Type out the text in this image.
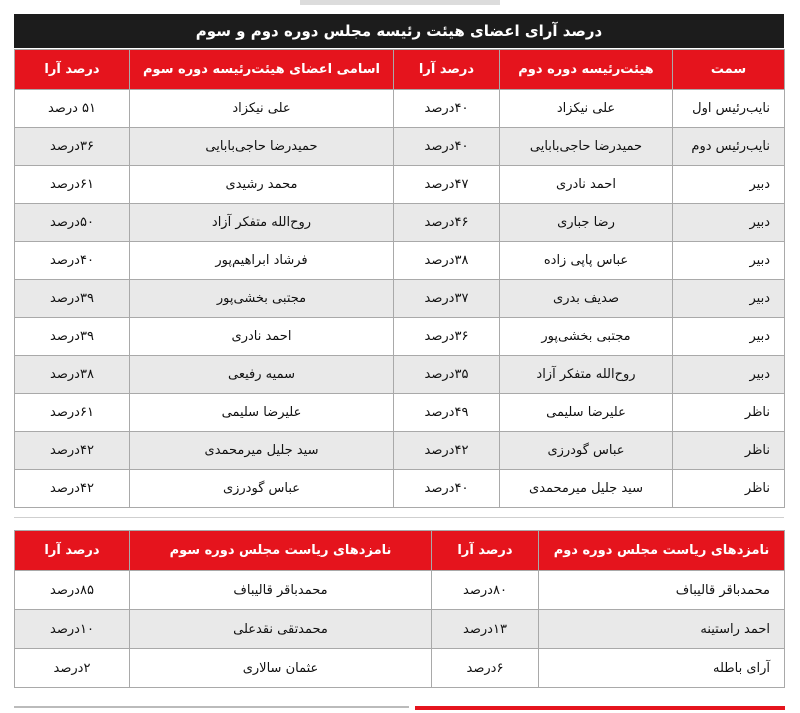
درصد آرای اعضای هیئت رئیسه مجلس دوره دوم و سوم
سمت	هیئت‌رئیسه دوره دوم	درصد آرا	اسامی اعضای هیئت‌رئیسه دوره سوم	درصد آرا
نایب‌رئیس اول	علی نیکزاد	۴۰درصد	علی نیکزاد	۵۱ درصد
نایب‌رئیس دوم	حمیدرضا حاجی‌بابایی	۴۰درصد	حمیدرضا حاجی‌بابایی	۳۶درصد
دبیر	احمد نادری	۴۷درصد	محمد رشیدی	۶۱درصد
دبیر	رضا جباری	۴۶درصد	روح‌الله متفکر آزاد	۵۰درصد
دبیر	عباس پاپی زاده	۳۸درصد	فرشاد ابراهیم‌پور	۴۰درصد
دبیر	صدیف بدری	۳۷درصد	مجتبی بخشی‌پور	۳۹درصد
دبیر	مجتبی بخشی‌پور	۳۶درصد	احمد نادری	۳۹درصد
دبیر	روح‌الله متفکر آزاد	۳۵درصد	سمیه رفیعی	۳۸درصد
ناظر	علیرضا سلیمی	۴۹درصد	علیرضا سلیمی	۶۱درصد
ناظر	عباس گودرزی	۴۲درصد	سید جلیل میرمحمدی	۴۲درصد
ناظر	سید جلیل میرمحمدی	۴۰درصد	عباس گودرزی	۴۲درصد
نامزدهای ریاست مجلس دوره دوم	درصد آرا	نامزدهای ریاست مجلس دوره سوم	درصد آرا
محمدباقر قالیباف	۸۰درصد	محمدباقر قالیباف	۸۵درصد
احمد راستینه	۱۳درصد	محمدتقی نقدعلی	۱۰درصد
آرای باطله	۶درصد	عثمان سالاری	۲درصد
